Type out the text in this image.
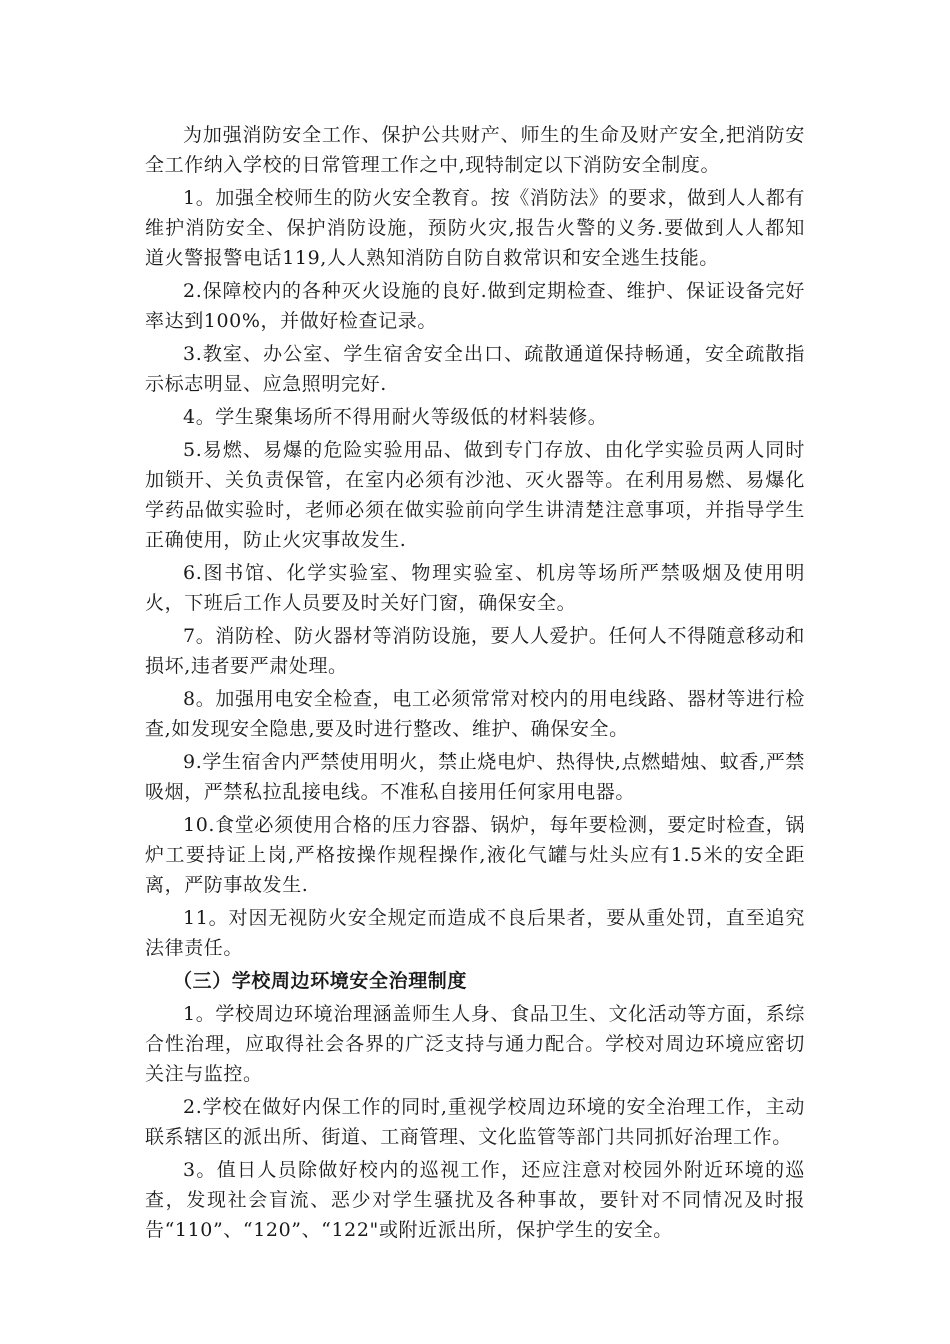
为加强消防安全工作、保护公共财产、师生的生命及财产安全,把消防安全工作纳入学校的日常管理工作之中,现特制定以下消防安全制度。

1。加强全校师生的防火安全教育。按《消防法》的要求，做到人人都有维护消防安全、保护消防设施，预防火灾,报告火警的义务.要做到人人都知道火警报警电话119,人人熟知消防自防自救常识和安全逃生技能。

2.保障校内的各种灭火设施的良好.做到定期检查、维护、保证设备完好率达到100%，并做好检查记录。

3.教室、办公室、学生宿舍安全出口、疏散通道保持畅通，安全疏散指示标志明显、应急照明完好.

4。学生聚集场所不得用耐火等级低的材料装修。

5.易燃、易爆的危险实验用品、做到专门存放、由化学实验员两人同时加锁开、关负责保管，在室内必须有沙池、灭火器等。在利用易燃、易爆化学药品做实验时，老师必须在做实验前向学生讲清楚注意事项，并指导学生正确使用，防止火灾事故发生.

6.图书馆、化学实验室、物理实验室、机房等场所严禁吸烟及使用明火，下班后工作人员要及时关好门窗，确保安全。

7。消防栓、防火器材等消防设施，要人人爱护。任何人不得随意移动和损坏,违者要严肃处理。

8。加强用电安全检查，电工必须常常对校内的用电线路、器材等进行检查,如发现安全隐患,要及时进行整改、维护、确保安全。

9.学生宿舍内严禁使用明火，禁止烧电炉、热得快,点燃蜡烛、蚊香,严禁吸烟，严禁私拉乱接电线。不准私自接用任何家用电器。

10.食堂必须使用合格的压力容器、锅炉，每年要检测，要定时检查，锅炉工要持证上岗,严格按操作规程操作,液化气罐与灶头应有1.5米的安全距离，严防事故发生.

11。对因无视防火安全规定而造成不良后果者，要从重处罚，直至追究法律责任。

（三）学校周边环境安全治理制度

1。学校周边环境治理涵盖师生人身、食品卫生、文化活动等方面，系综合性治理，应取得社会各界的广泛支持与通力配合。学校对周边环境应密切关注与监控。

2.学校在做好内保工作的同时,重视学校周边环境的安全治理工作，主动联系辖区的派出所、街道、工商管理、文化监管等部门共同抓好治理工作。

3。值日人员除做好校内的巡视工作，还应注意对校园外附近环境的巡查，发现社会盲流、恶少对学生骚扰及各种事故，要针对不同情况及时报告“110”、“120”、“122"或附近派出所，保护学生的安全。
